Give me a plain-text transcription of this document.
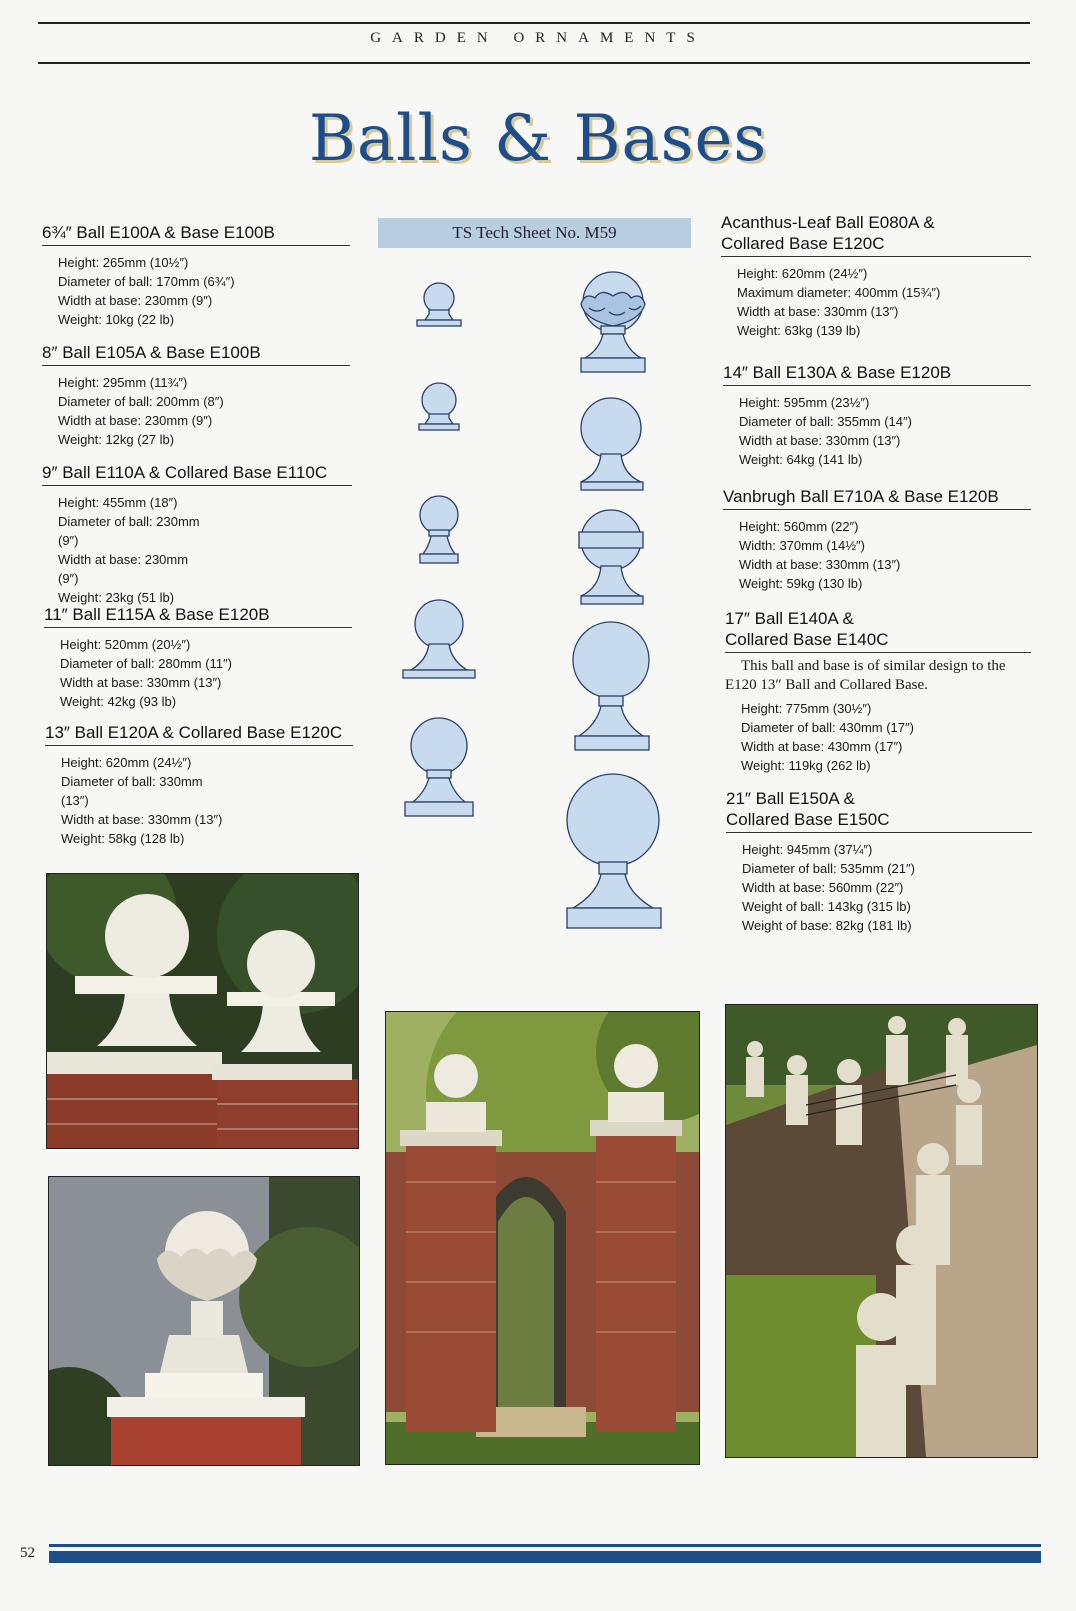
GARDEN ORNAMENTS
Balls & Bases
6¾″ Ball E100A & Base E100B
Height: 265mm (10½″)
Diameter of ball: 170mm (6¾″)
Width at base: 230mm (9″)
Weight: 10kg (22 lb)
8″ Ball E105A & Base E100B
Height: 295mm (11¾″)
Diameter of ball: 200mm (8″)
Width at base: 230mm (9″)
Weight: 12kg (27 lb)
9″ Ball E110A & Collared Base E110C
Height: 455mm (18″)
Diameter of ball: 230mm (9″)
Width at base: 230mm (9″)
Weight: 23kg (51 lb)
11″ Ball E115A & Base E120B
Height: 520mm (20½″)
Diameter of ball: 280mm (11″)
Width at base: 330mm (13″)
Weight: 42kg (93 lb)
13″ Ball E120A & Collared Base E120C
Height: 620mm (24½″)
Diameter of ball: 330mm (13″)
Width at base: 330mm (13″)
Weight: 58kg (128 lb)
TS Tech Sheet No. M59
Acanthus-Leaf Ball E080A & Collared Base E120C
Height: 620mm (24½″)
Maximum diameter: 400mm (15¾″)
Width at base: 330mm (13″)
Weight: 63kg (139 lb)
14″ Ball E130A & Base E120B
Height: 595mm (23½″)
Diameter of ball: 355mm (14″)
Width at base: 330mm (13″)
Weight: 64kg (141 lb)
Vanbrugh Ball E710A & Base E120B
Height: 560mm (22″)
Width: 370mm (14½″)
Width at base: 330mm (13″)
Weight: 59kg (130 lb)
17″ Ball E140A & Collared Base E140C
This ball and base is of similar design to the E120 13″ Ball and Collared Base.
Height: 775mm (30½″)
Diameter of ball: 430mm (17″)
Width at base: 430mm (17″)
Weight: 119kg (262 lb)
21″ Ball E150A & Collared Base E150C
Height: 945mm (37¼″)
Diameter of ball: 535mm (21″)
Width at base: 560mm (22″)
Weight of ball: 143kg (315 lb)
Weight of base: 82kg (181 lb)
52
